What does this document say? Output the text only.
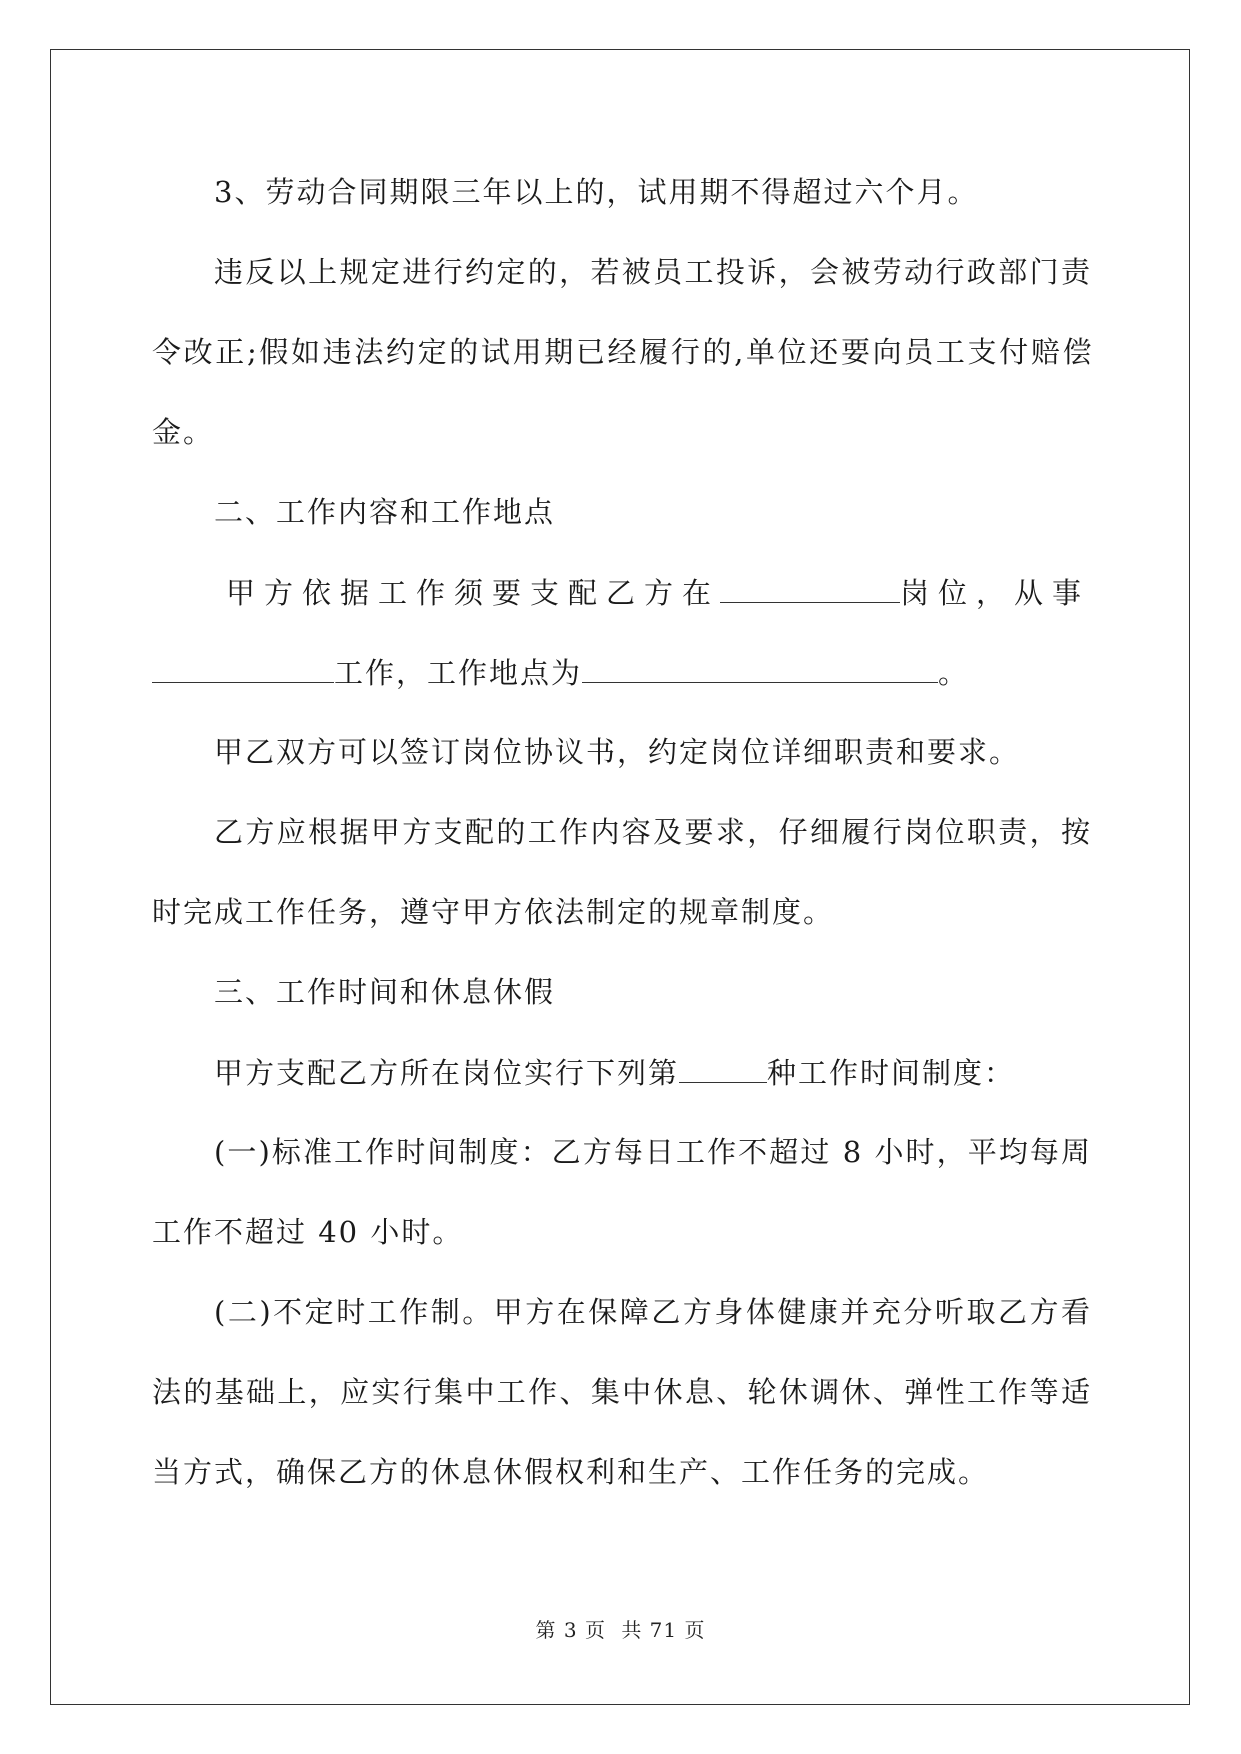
3、劳动合同期限三年以上的，试用期不得超过六个月。
违反以上规定进行约定的，若被员工投诉，会被劳动行政部门责
令改正;假如违法约定的试用期已经履行的,单位还要向员工支付赔偿
金。
二、工作内容和工作地点
甲方依据工作须要支配乙方在	岗位，从事
工作，工作地点为	。
甲乙双方可以签订岗位协议书，约定岗位详细职责和要求。
乙方应根据甲方支配的工作内容及要求，仔细履行岗位职责，按
时完成工作任务，遵守甲方依法制定的规章制度。
三、工作时间和休息休假
甲方支配乙方所在岗位实行下列第	种工作时间制度：
(一)标准工作时间制度：乙方每日工作不超过 8 小时，平均每周
工作不超过 40 小时。
(二)不定时工作制。甲方在保障乙方身体健康并充分听取乙方看
法的基础上，应实行集中工作、集中休息、轮休调休、弹性工作等适
当方式，确保乙方的休息休假权利和生产、工作任务的完成。
第 3 页 共 71 页
